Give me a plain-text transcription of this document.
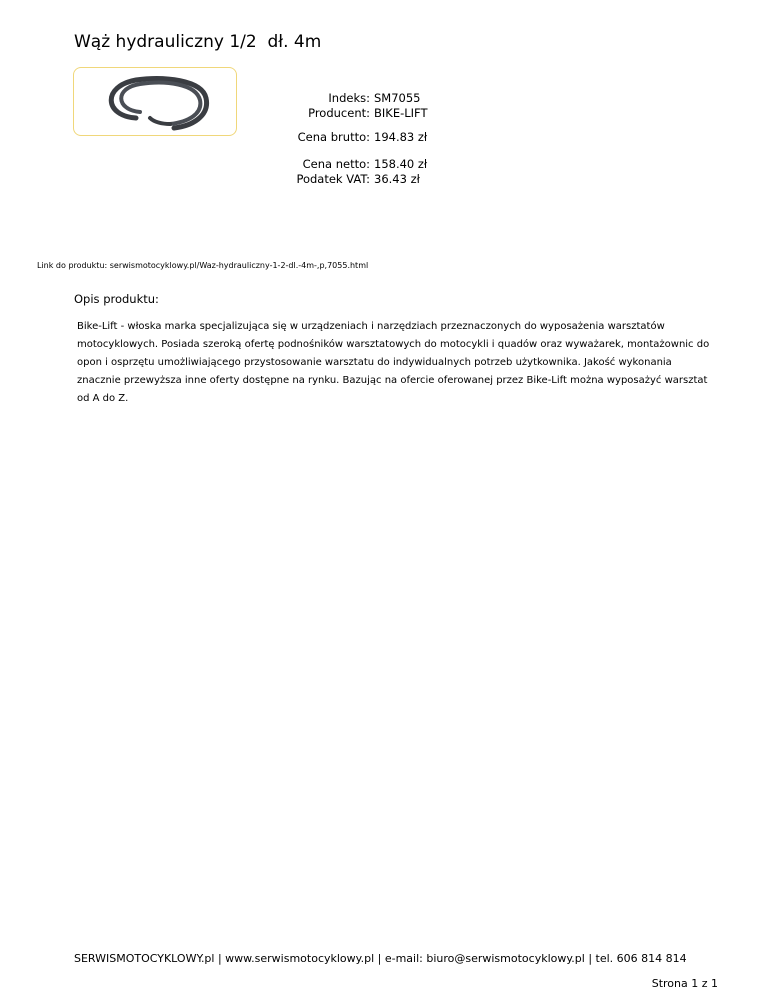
Wąż hydrauliczny 1/2  dł. 4m
Indeks: SM7055
Producent: BIKE-LIFT
Cena brutto: 194.83 zł
Cena netto: 158.40 zł
Podatek VAT: 36.43 zł
Link do produktu: serwismotocyklowy.pl/Waz-hydrauliczny-1-2-dl.-4m-,p,7055.html
Opis produktu:

Bike-Lift - włoska marka specjalizująca się w urządzeniach i narzędziach przeznaczonych do wyposażenia warsztatów motocyklowych. Posiada szeroką ofertę podnośników warsztatowych do motocykli i quadów oraz wyważarek, montażownic do opon i osprzętu umożliwiającego przystosowanie warsztatu do indywidualnych potrzeb użytkownika. Jakość wykonania znacznie przewyższa inne oferty dostępne na rynku. Bazując na ofercie oferowanej przez Bike-Lift można wyposażyć warsztat od A do Z.

SERWISMOTOCYKLOWY.pl | www.serwismotocyklowy.pl | e-mail: biuro@serwismotocyklowy.pl | tel. 606 814 814
Strona 1 z 1
